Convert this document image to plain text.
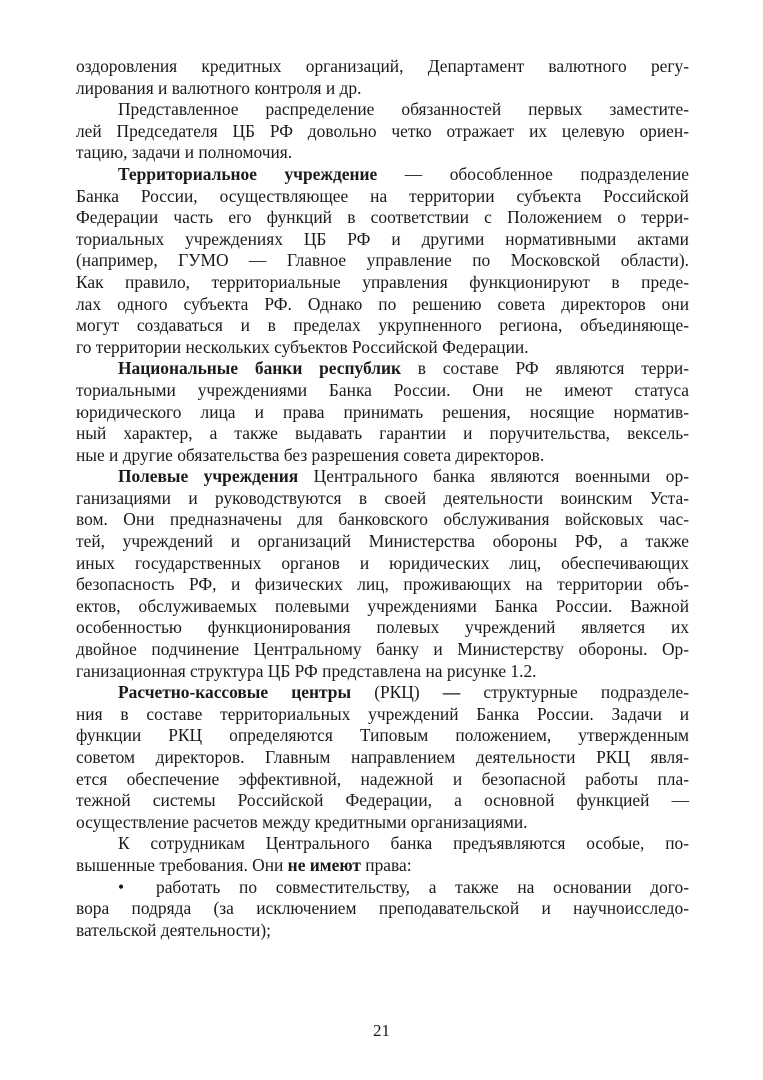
оздоровления кредитных организаций, Департамент валютного регу-
лирования и валютного контроля и др.
Представленное распределение обязанностей первых заместите-
лей Председателя ЦБ РФ довольно четко отражает их целевую ориен-
тацию, задачи и полномочия.
Территориальное учреждение — обособленное подразделение
Банка России, осуществляющее на территории субъекта Российской
Федерации часть его функций в соответствии с Положением о терри-
ториальных учреждениях ЦБ РФ и другими нормативными актами
(например, ГУМО — Главное управление по Московской области).
Как правило, территориальные управления функционируют в преде-
лах одного субъекта РФ. Однако по решению совета директоров они
могут создаваться и в пределах укрупненного региона, объединяюще-
го территории нескольких субъектов Российской Федерации.
Национальные банки республик в составе РФ являются терри-
ториальными учреждениями Банка России. Они не имеют статуса
юридического лица и права принимать решения, носящие норматив-
ный характер, а также выдавать гарантии и поручительства, вексель-
ные и другие обязательства без разрешения совета директоров.
Полевые учреждения Центрального банка являются военными ор-
ганизациями и руководствуются в своей деятельности воинским Уста-
вом. Они предназначены для банковского обслуживания войсковых час-
тей, учреждений и организаций Министерства обороны РФ, а также
иных государственных органов и юридических лиц, обеспечивающих
безопасность РФ, и физических лиц, проживающих на территории объ-
ектов, обслуживаемых полевыми учреждениями Банка России. Важной
особенностью функционирования полевых учреждений является их
двойное подчинение Центральному банку и Министерству обороны. Ор-
ганизационная структура ЦБ РФ представлена на рисунке 1.2.
Расчетно-кассовые центры (РКЦ) — структурные подразделе-
ния в составе территориальных учреждений Банка России. Задачи и
функции РКЦ определяются Типовым положением, утвержденным
советом директоров. Главным направлением деятельности РКЦ явля-
ется обеспечение эффективной, надежной и безопасной работы пла-
тежной системы Российской Федерации, а основной функцией —
осуществление расчетов между кредитными организациями.
К сотрудникам Центрального банка предъявляются особые, по-
вышенные требования. Они не имеют права:
• работать по совместительству, а также на основании дого-
вора подряда (за исключением преподавательской и научноисследо-
вательской деятельности);
21
